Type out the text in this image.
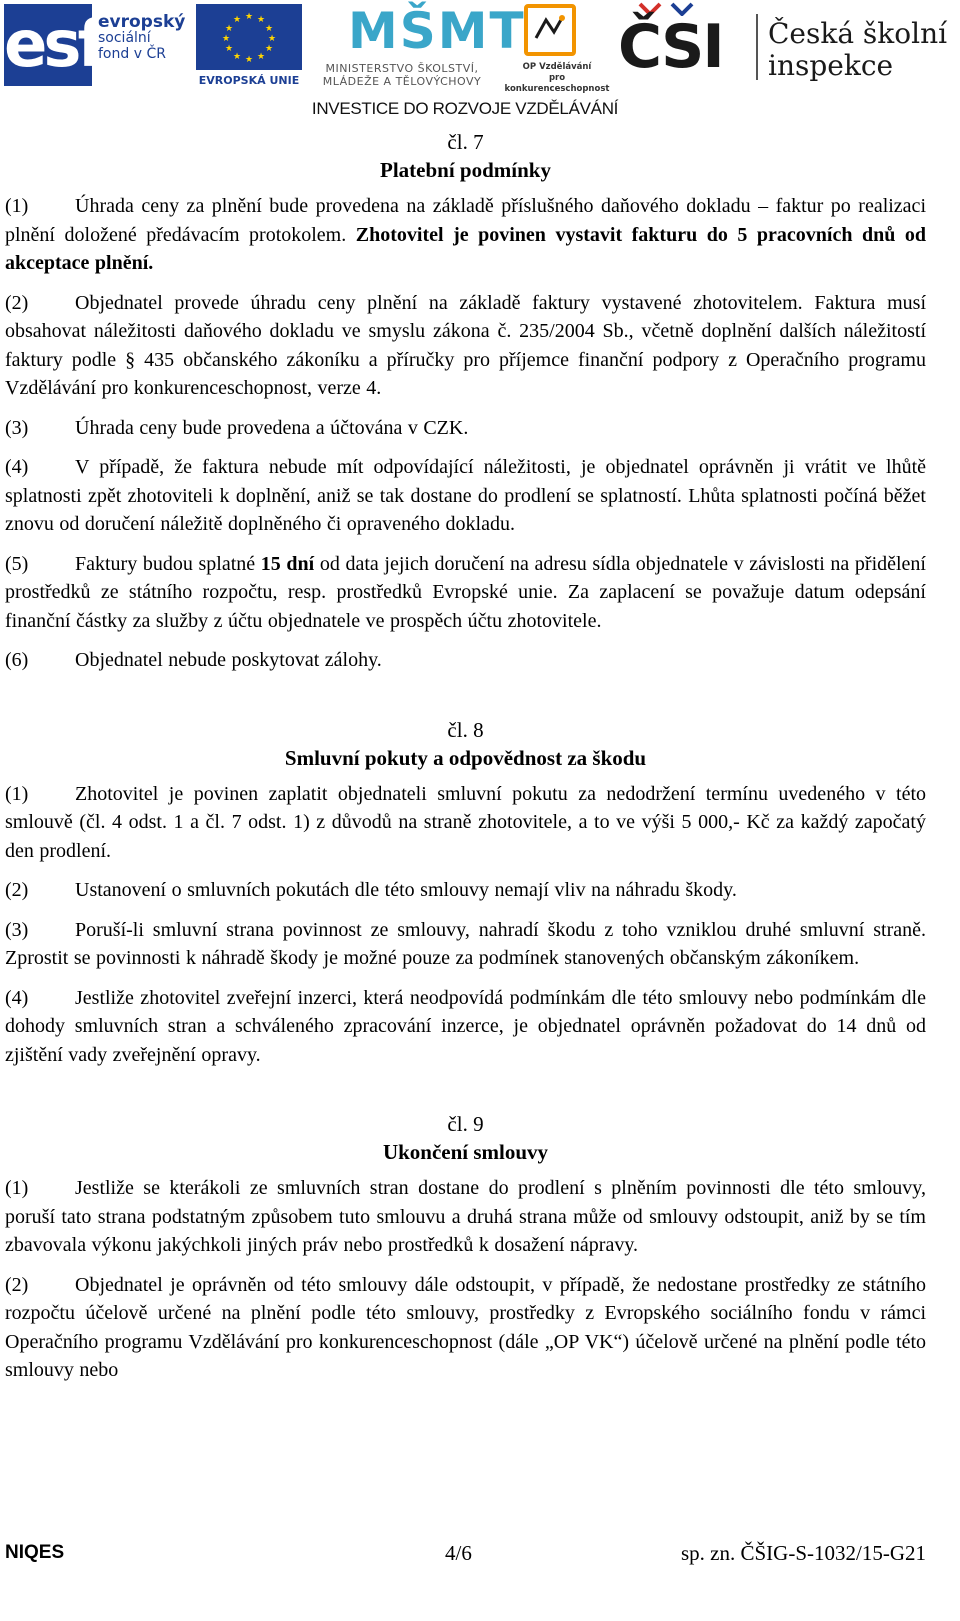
esf
evropský
sociální
fond v ČR
★ ★
★
★
★
★
★
★
★
★
★
★
EVROPSKÁ UNIE
MŠMT
MINISTERSTVO ŠKOLSTVÍ,
MLÁDEŽE A TĚLOVÝCHOVY
OP Vzdělávání
pro konkurenceschopnost
ČSI	Česká školní
inspekce
INVESTICE DO ROZVOJE VZDĚLÁVÁNÍ

čl. 7

Platební podmínky

(1) Úhrada ceny za plnění bude provedena na základě příslušného daňového dokladu – faktur po realizaci plnění doložené předávacím protokolem. Zhotovitel je povinen vystavit fakturu do 5 pracovních dnů od akceptace plnění.

(2) Objednatel provede úhradu ceny plnění na základě faktury vystavené zhotovitelem. Faktura musí obsahovat náležitosti daňového dokladu ve smyslu zákona č. 235/2004 Sb., včetně doplnění dalších náležitostí faktury podle § 435 občanského zákoníku a příručky pro příjemce finanční podpory z Operačního programu Vzdělávání pro konkurenceschopnost, verze 4.

(3) Úhrada ceny bude provedena a účtována v CZK.

(4) V případě, že faktura nebude mít odpovídající náležitosti, je objednatel oprávněn ji vrátit ve lhůtě splatnosti zpět zhotoviteli k doplnění, aniž se tak dostane do prodlení se splatností. Lhůta splatnosti počíná běžet znovu od doručení náležitě doplněného či opraveného dokladu.

(5) Faktury budou splatné 15 dní od data jejich doručení na adresu sídla objednatele v závislosti na přidělení prostředků ze státního rozpočtu, resp. prostředků Evropské unie. Za zaplacení se považuje datum odepsání finanční částky za služby z účtu objednatele ve prospěch účtu zhotovitele.

(6) Objednatel nebude poskytovat zálohy.

čl. 8

Smluvní pokuty a odpovědnost za škodu

(1) Zhotovitel je povinen zaplatit objednateli smluvní pokutu za nedodržení termínu uvedeného v této smlouvě (čl. 4 odst. 1 a čl. 7 odst. 1) z důvodů na straně zhotovitele, a to ve výši 5 000,- Kč za každý započatý den prodlení.

(2) Ustanovení o smluvních pokutách dle této smlouvy nemají vliv na náhradu škody.

(3) Poruší-li smluvní strana povinnost ze smlouvy, nahradí škodu z toho vzniklou druhé smluvní straně. Zprostit se povinnosti k náhradě škody je možné pouze za podmínek stanovených občanským zákoníkem.

(4) Jestliže zhotovitel zveřejní inzerci, která neodpovídá podmínkám dle této smlouvy nebo podmínkám dle dohody smluvních stran a schváleného zpracování inzerce, je objednatel oprávněn požadovat do 14 dnů od zjištění vady zveřejnění opravy.

čl. 9

Ukončení smlouvy

(1) Jestliže se kterákoli ze smluvních stran dostane do prodlení s plněním povinnosti dle této smlouvy, poruší tato strana podstatným způsobem tuto smlouvu a druhá strana může od smlouvy odstoupit, aniž by se tím zbavovala výkonu jakýchkoli jiných práv nebo prostředků k dosažení nápravy.

(2) Objednatel je oprávněn od této smlouvy dále odstoupit, v případě, že nedostane prostředky ze státního rozpočtu účelově určené na plnění podle této smlouvy, prostředky z Evropského sociálního fondu v rámci Operačního programu Vzdělávání pro konkurenceschopnost (dále „OP VK“) účelově určené na plnění podle této smlouvy nebo

NIQES	4/6	sp. zn. ČŠIG-S-1032/15-G21
